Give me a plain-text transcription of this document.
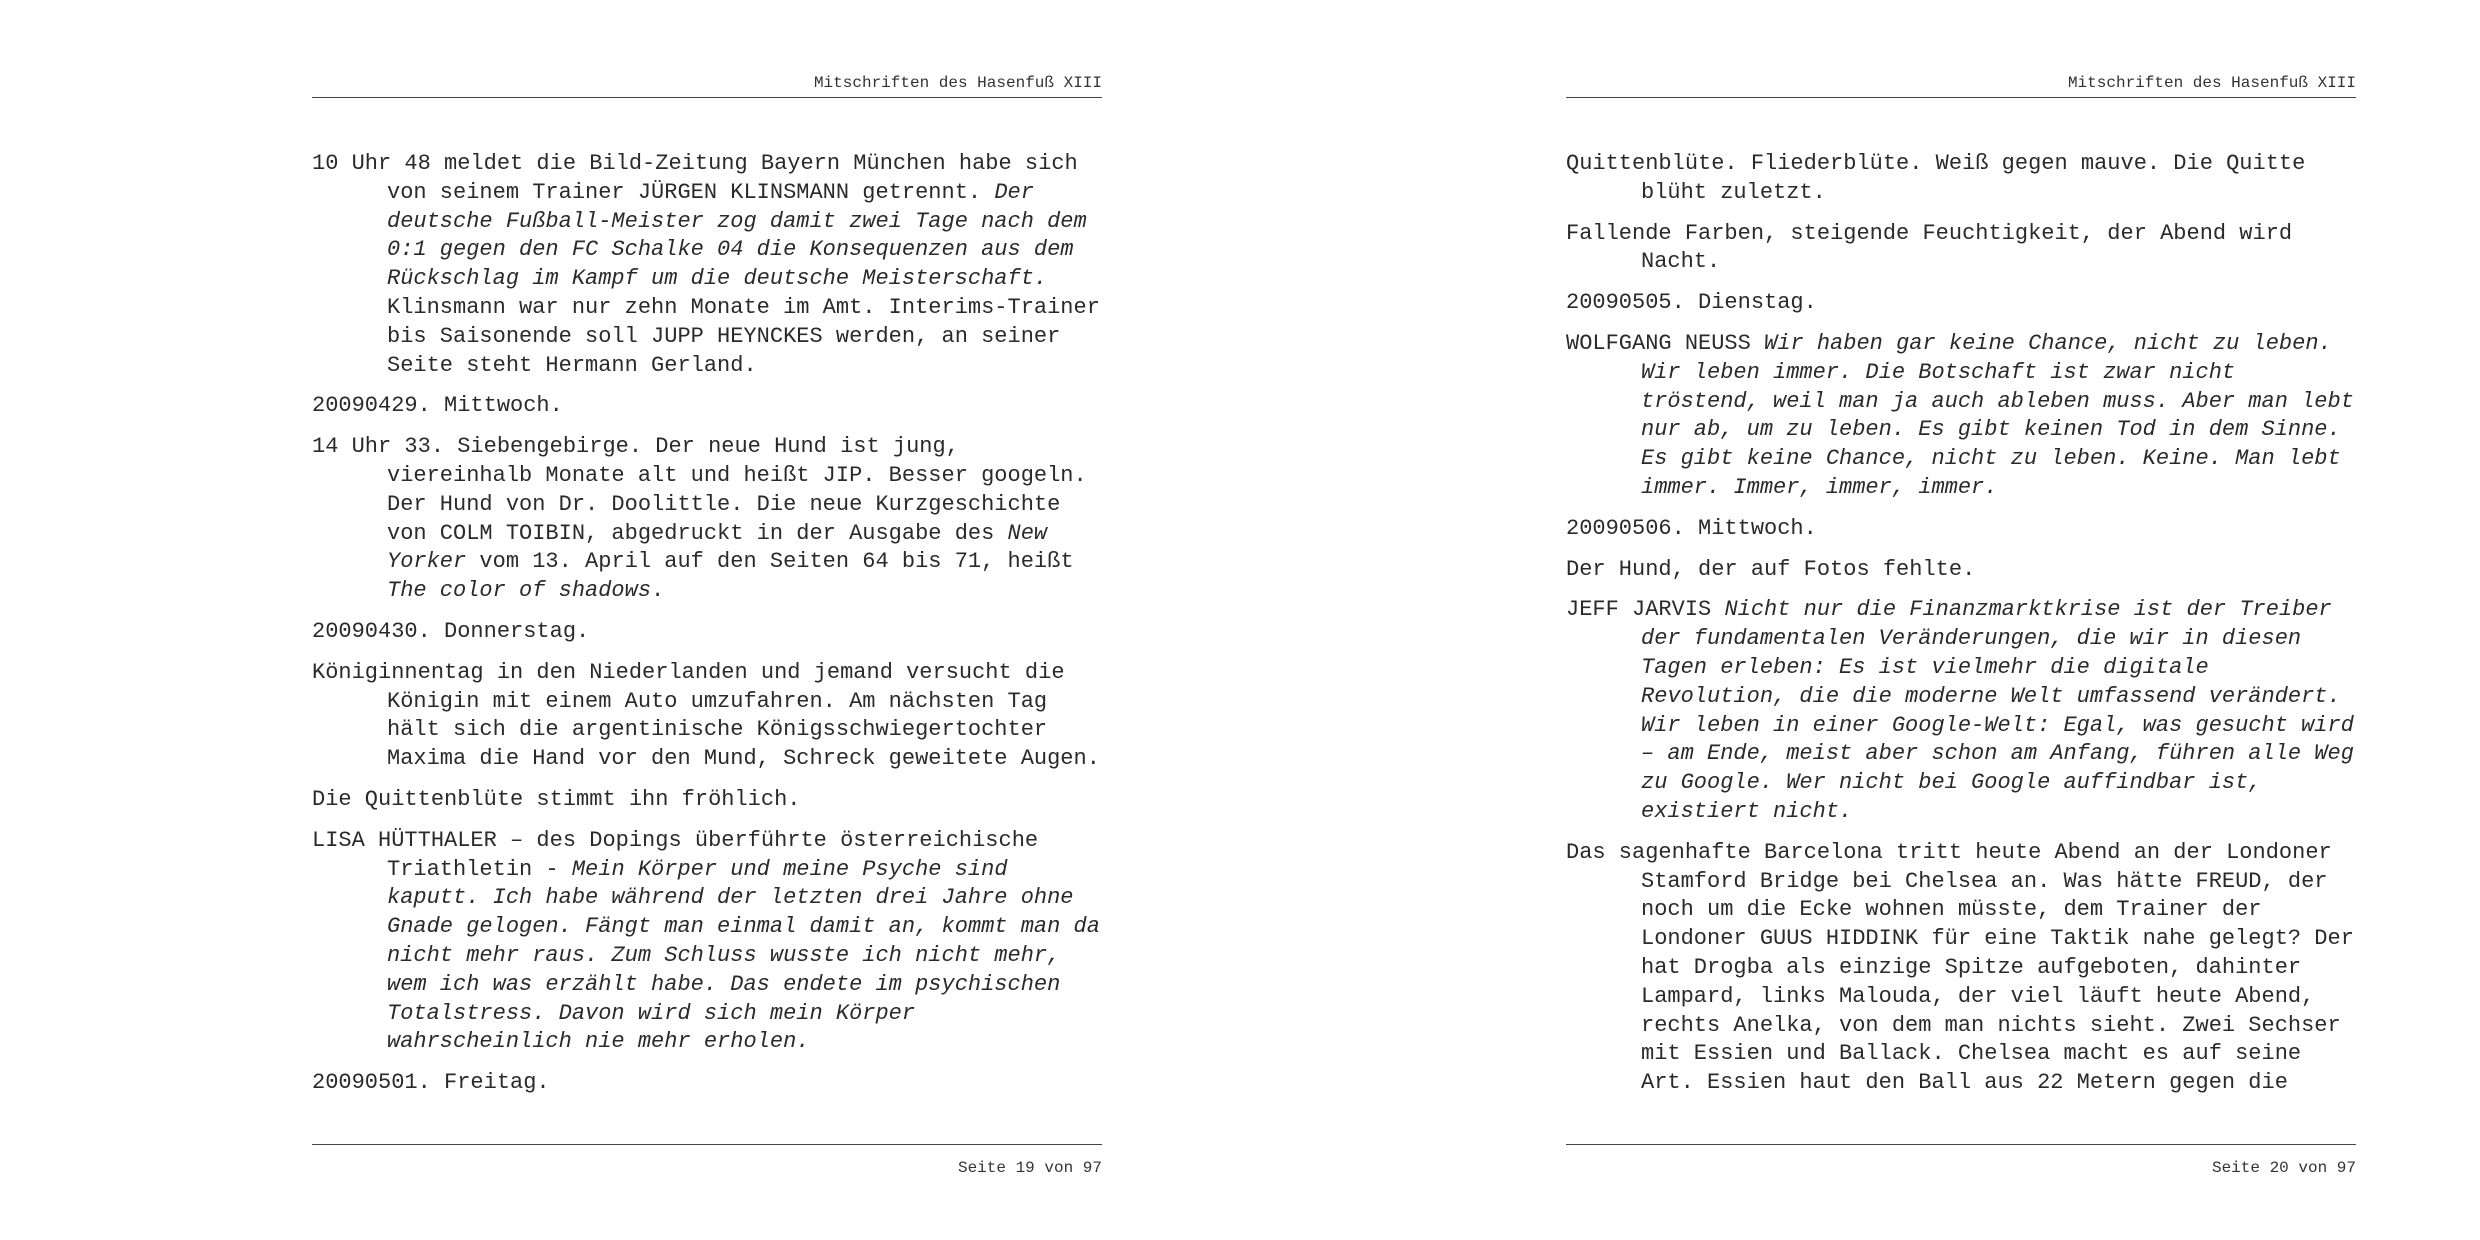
Mitschriften des Hasenfuß XIII

10 Uhr 48 meldet die Bild-Zeitung Bayern München habe sich von seinem Trainer JÜRGEN KLINSMANN getrennt. Der deutsche Fußball-Meister zog damit zwei Tage nach dem 0:1 gegen den FC Schalke 04 die Konsequenzen aus dem Rückschlag im Kampf um die deutsche Meisterschaft. Klinsmann war nur zehn Monate im Amt. Interims-Trainer bis Saisonende soll JUPP HEYNCKES werden, an seiner Seite steht Hermann Gerland.

20090429. Mittwoch.

14 Uhr 33. Siebengebirge. Der neue Hund ist jung, viereinhalb Monate alt und heißt JIP. Besser googeln. Der Hund von Dr. Doolittle. Die neue Kurzgeschichte von COLM TOIBIN, abgedruckt in der Ausgabe des New Yorker vom 13. April auf den Seiten 64 bis 71, heißt The color of shadows.

20090430. Donnerstag.

Königinnentag in den Niederlanden und jemand versucht die Königin mit einem Auto umzufahren. Am nächsten Tag hält sich die argentinische Königsschwiegertochter Maxima die Hand vor den Mund, Schreck geweitete Augen.

Die Quittenblüte stimmt ihn fröhlich.

LISA HÜTTHALER – des Dopings überführte österreichische Triathletin - Mein Körper und meine Psyche sind kaputt. Ich habe während der letzten drei Jahre ohne Gnade gelogen. Fängt man einmal damit an, kommt man da nicht mehr raus. Zum Schluss wusste ich nicht mehr, wem ich was erzählt habe. Das endete im psychischen Totalstress. Davon wird sich mein Körper wahrscheinlich nie mehr erholen.

20090501. Freitag.

Seite 19 von 97
Mitschriften des Hasenfuß XIII

Quittenblüte. Fliederblüte. Weiß gegen mauve. Die Quitte blüht zuletzt.

Fallende Farben, steigende Feuchtigkeit, der Abend wird Nacht.

20090505. Dienstag.

WOLFGANG NEUSS Wir haben gar keine Chance, nicht zu leben. Wir leben immer. Die Botschaft ist zwar nicht tröstend, weil man ja auch ableben muss. Aber man lebt nur ab, um zu leben. Es gibt keinen Tod in dem Sinne. Es gibt keine Chance, nicht zu leben. Keine. Man lebt immer. Immer, immer, immer.

20090506. Mittwoch.

Der Hund, der auf Fotos fehlte.

JEFF JARVIS Nicht nur die Finanzmarktkrise ist der Treiber der fundamentalen Veränderungen, die wir in diesen Tagen erleben: Es ist vielmehr die digitale Revolution, die die moderne Welt umfassend verändert. Wir leben in einer Google-Welt: Egal, was gesucht wird – am Ende, meist aber schon am Anfang, führen alle Weg zu Google. Wer nicht bei Google auffindbar ist, existiert nicht.

Das sagenhafte Barcelona tritt heute Abend an der Londoner Stamford Bridge bei Chelsea an. Was hätte FREUD, der noch um die Ecke wohnen müsste, dem Trainer der Londoner GUUS HIDDINK für eine Taktik nahe gelegt? Der hat Drogba als einzige Spitze aufgeboten, dahinter Lampard, links Malouda, der viel läuft heute Abend, rechts Anelka, von dem man nichts sieht. Zwei Sechser mit Essien und Ballack. Chelsea macht es auf seine Art. Essien haut den Ball aus 22 Metern gegen die

Seite 20 von 97
